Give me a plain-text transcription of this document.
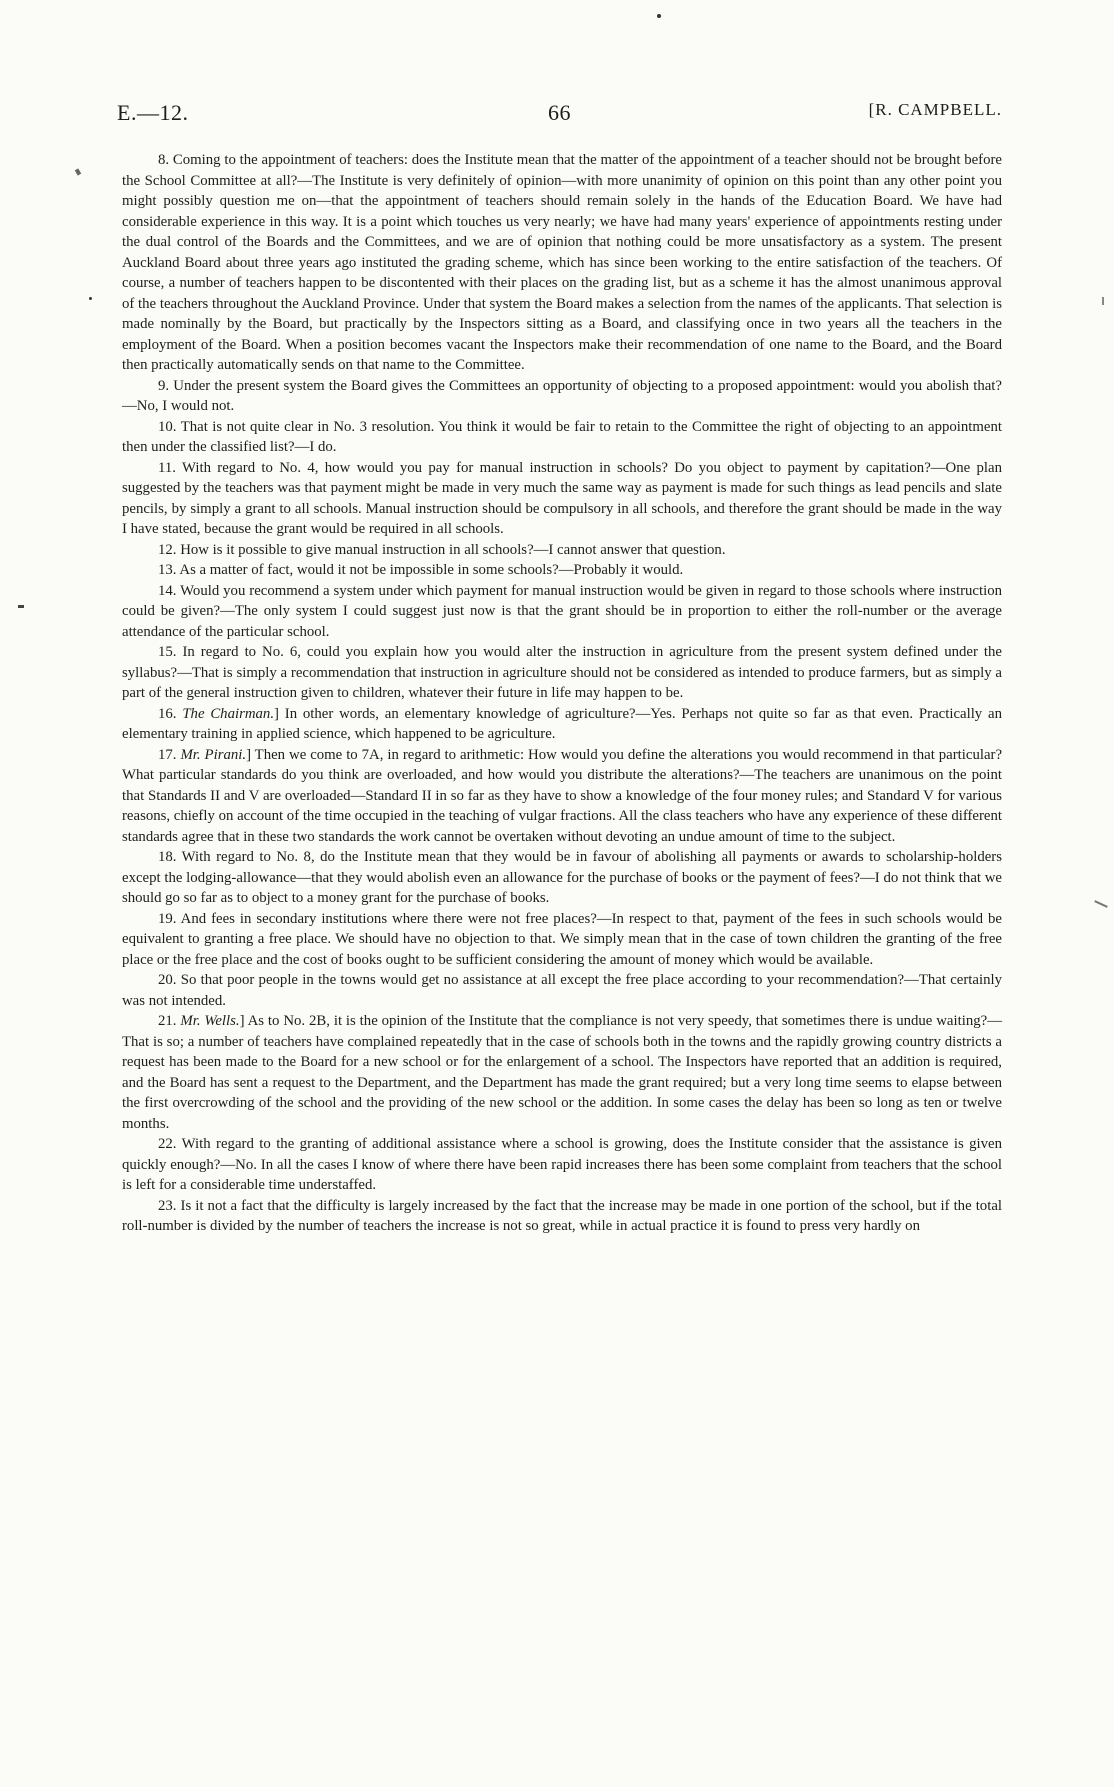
E.—12.	66	[R. CAMPBELL.

8. Coming to the appointment of teachers: does the Institute mean that the matter of the appointment of a teacher should not be brought before the School Committee at all?—The Institute is very definitely of opinion—with more unanimity of opinion on this point than any other point you might possibly question me on—that the appointment of teachers should remain solely in the hands of the Education Board. We have had considerable experience in this way. It is a point which touches us very nearly; we have had many years' experience of appointments resting under the dual control of the Boards and the Committees, and we are of opinion that nothing could be more unsatisfactory as a system. The present Auckland Board about three years ago instituted the grading scheme, which has since been working to the entire satisfaction of the teachers. Of course, a number of teachers happen to be discontented with their places on the grading list, but as a scheme it has the almost unanimous approval of the teachers throughout the Auckland Province. Under that system the Board makes a selection from the names of the applicants. That selection is made nominally by the Board, but practically by the Inspectors sitting as a Board, and classifying once in two years all the teachers in the employment of the Board. When a position becomes vacant the Inspectors make their recommendation of one name to the Board, and the Board then practically automatically sends on that name to the Committee.

9. Under the present system the Board gives the Committees an opportunity of objecting to a proposed appointment: would you abolish that?—No, I would not.

10. That is not quite clear in No. 3 resolution. You think it would be fair to retain to the Committee the right of objecting to an appointment then under the classified list?—I do.

11. With regard to No. 4, how would you pay for manual instruction in schools? Do you object to payment by capitation?—One plan suggested by the teachers was that payment might be made in very much the same way as payment is made for such things as lead pencils and slate pencils, by simply a grant to all schools. Manual instruction should be compulsory in all schools, and therefore the grant should be made in the way I have stated, because the grant would be required in all schools.

12. How is it possible to give manual instruction in all schools?—I cannot answer that question.

13. As a matter of fact, would it not be impossible in some schools?—Probably it would.

14. Would you recommend a system under which payment for manual instruction would be given in regard to those schools where instruction could be given?—The only system I could suggest just now is that the grant should be in proportion to either the roll-number or the average attendance of the particular school.

15. In regard to No. 6, could you explain how you would alter the instruction in agriculture from the present system defined under the syllabus?—That is simply a recommendation that instruction in agriculture should not be considered as intended to produce farmers, but as simply a part of the general instruction given to children, whatever their future in life may happen to be.

16. The Chairman.] In other words, an elementary knowledge of agriculture?—Yes. Perhaps not quite so far as that even. Practically an elementary training in applied science, which happened to be agriculture.

17. Mr. Pirani.] Then we come to 7A, in regard to arithmetic: How would you define the alterations you would recommend in that particular? What particular standards do you think are overloaded, and how would you distribute the alterations?—The teachers are unanimous on the point that Standards II and V are overloaded—Standard II in so far as they have to show a knowledge of the four money rules; and Standard V for various reasons, chiefly on account of the time occupied in the teaching of vulgar fractions. All the class teachers who have any experience of these different standards agree that in these two standards the work cannot be overtaken without devoting an undue amount of time to the subject.

18. With regard to No. 8, do the Institute mean that they would be in favour of abolishing all payments or awards to scholarship-holders except the lodging-allowance—that they would abolish even an allowance for the purchase of books or the payment of fees?—I do not think that we should go so far as to object to a money grant for the purchase of books.

19. And fees in secondary institutions where there were not free places?—In respect to that, payment of the fees in such schools would be equivalent to granting a free place. We should have no objection to that. We simply mean that in the case of town children the granting of the free place or the free place and the cost of books ought to be sufficient considering the amount of money which would be available.

20. So that poor people in the towns would get no assistance at all except the free place according to your recommendation?—That certainly was not intended.

21. Mr. Wells.] As to No. 2B, it is the opinion of the Institute that the compliance is not very speedy, that sometimes there is undue waiting?—That is so; a number of teachers have complained repeatedly that in the case of schools both in the towns and the rapidly growing country districts a request has been made to the Board for a new school or for the enlargement of a school. The Inspectors have reported that an addition is required, and the Board has sent a request to the Department, and the Department has made the grant required; but a very long time seems to elapse between the first overcrowding of the school and the providing of the new school or the addition. In some cases the delay has been so long as ten or twelve months.

22. With regard to the granting of additional assistance where a school is growing, does the Institute consider that the assistance is given quickly enough?—No. In all the cases I know of where there have been rapid increases there has been some complaint from teachers that the school is left for a considerable time understaffed.

23. Is it not a fact that the difficulty is largely increased by the fact that the increase may be made in one portion of the school, but if the total roll-number is divided by the number of teachers the increase is not so great, while in actual practice it is found to press very hardly on
